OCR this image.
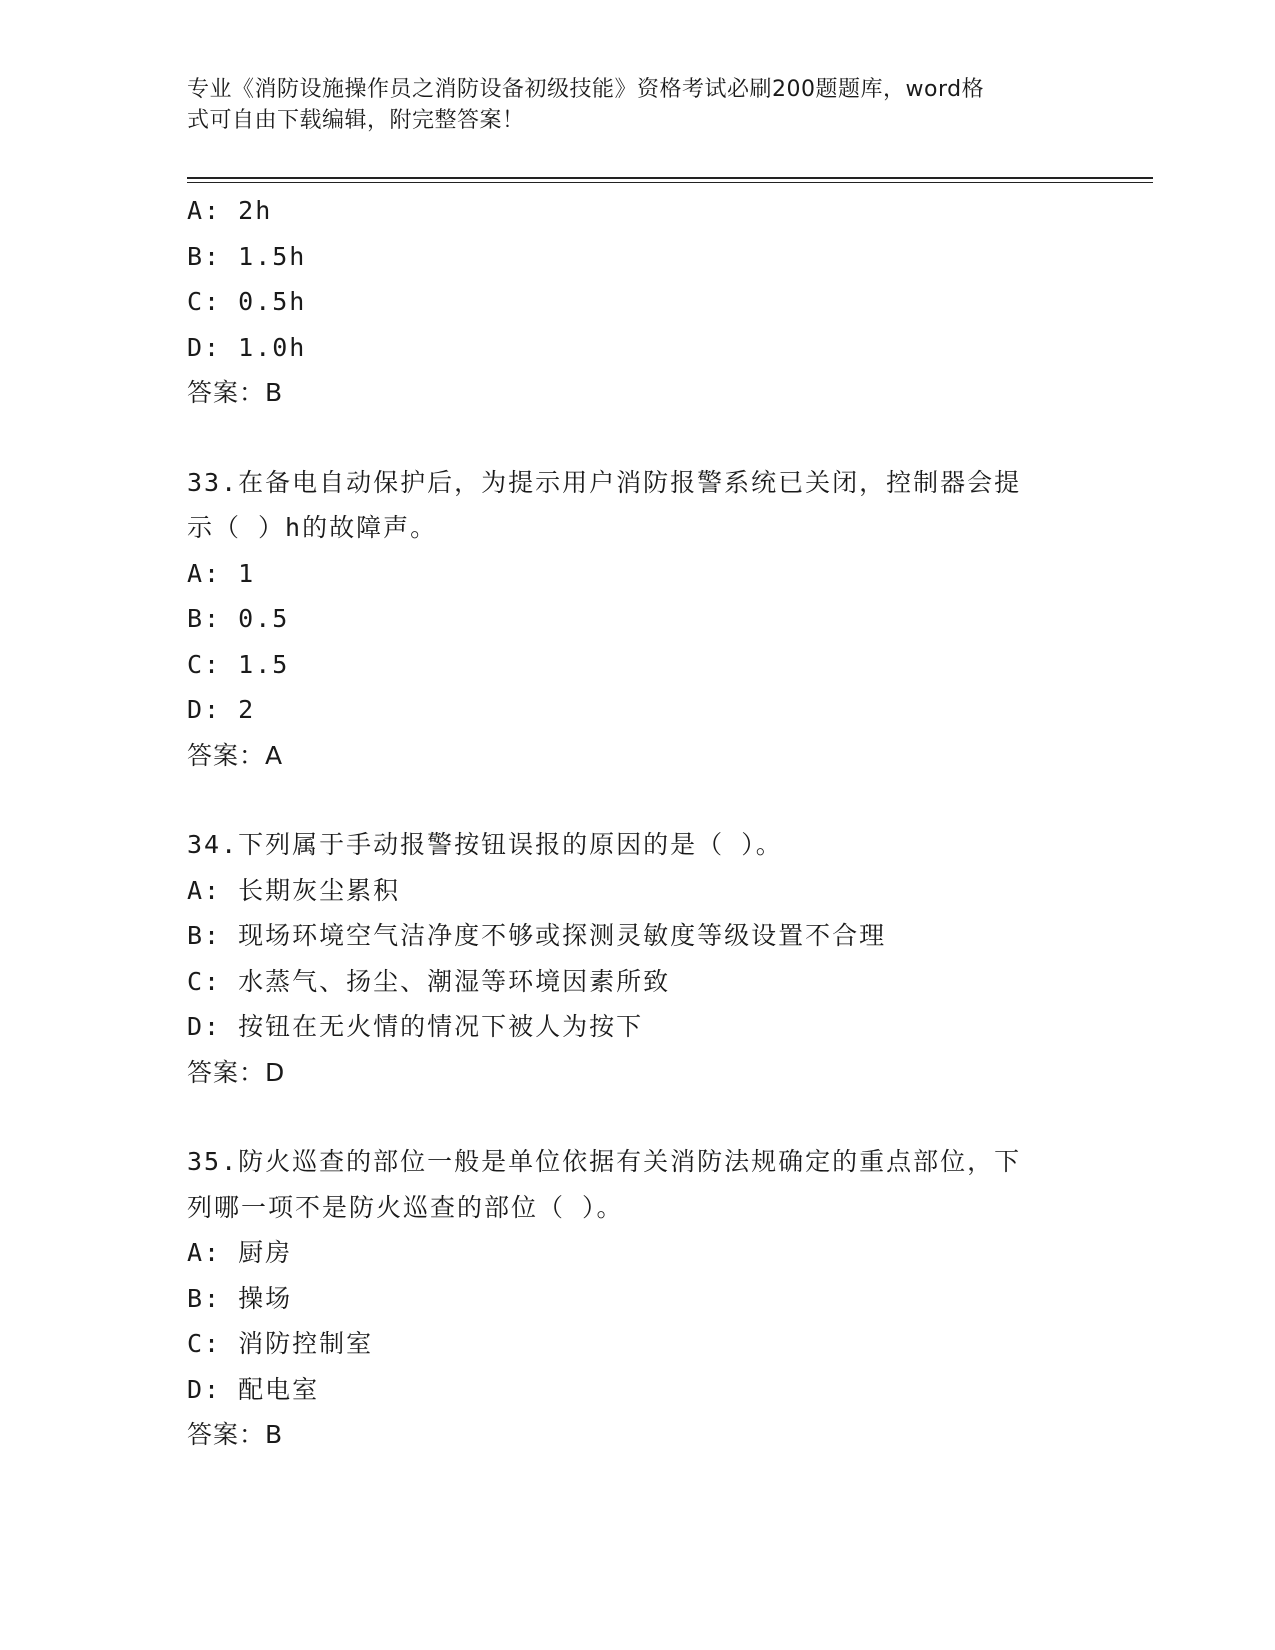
专业《消防设施操作员之消防设备初级技能》资格考试必刷200题题库，word格
式可自由下载编辑，附完整答案！
A: 2h
B: 1.5h
C: 0.5h
D: 1.0h
答案：B
33.在备电自动保护后，为提示用户消防报警系统已关闭，控制器会提
示（ ）h的故障声。
A: 1
B: 0.5
C: 1.5
D: 2
答案：A
34.下列属于手动报警按钮误报的原因的是（ ）。
A: 长期灰尘累积
B: 现场环境空气洁净度不够或探测灵敏度等级设置不合理
C: 水蒸气、扬尘、潮湿等环境因素所致
D: 按钮在无火情的情况下被人为按下
答案：D
35.防火巡查的部位一般是单位依据有关消防法规确定的重点部位，下
列哪一项不是防火巡查的部位（ ）。
A: 厨房
B: 操场
C: 消防控制室
D: 配电室
答案：B
